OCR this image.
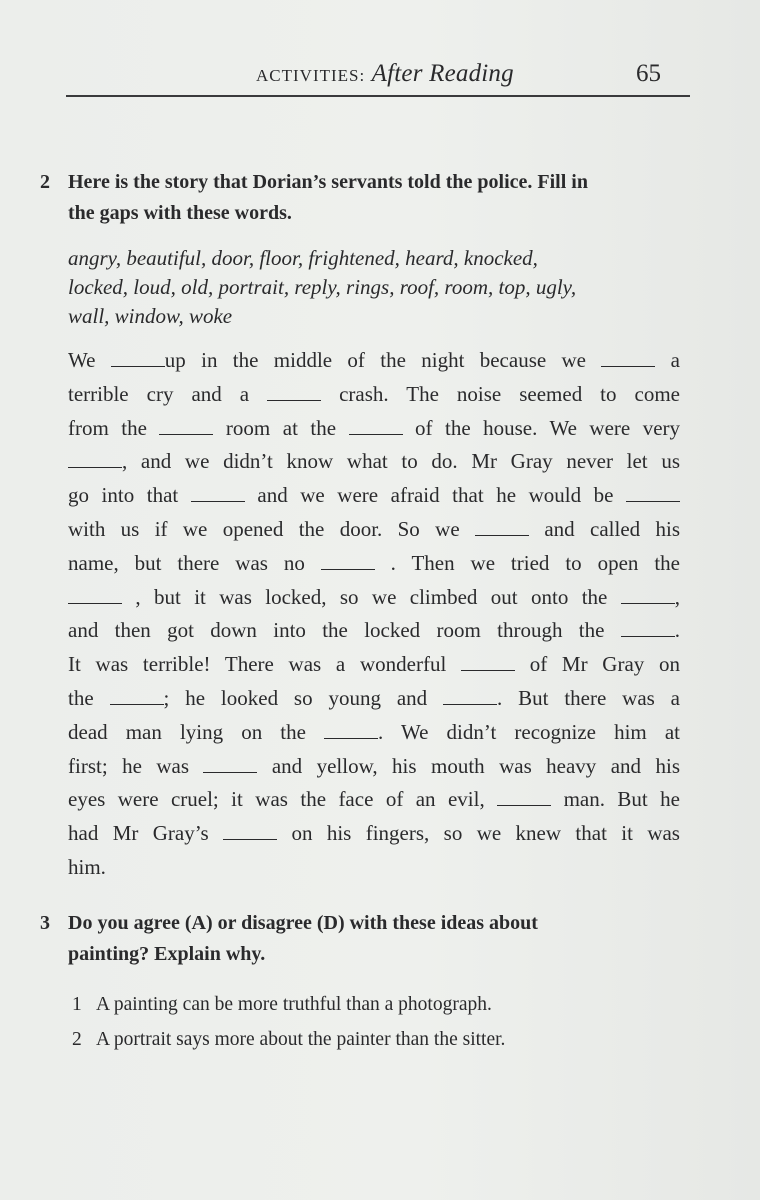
ACTIVITIES: After Reading	65
2 Here is the story that Dorian’s servants told the police. Fill in
the gaps with these words.
angry, beautiful, door, floor, frightened, heard, knocked,
locked, loud, old, portrait, reply, rings, roof, room, top, ugly,
wall, window, woke
We	up in the middle of the night because we	a
terrible cry and a	crash. The noise seemed to come
from the	room at the	of the house. We were very
, and we didn’t know what to do. Mr Gray never let us
go into that	and we were afraid that he would be
with us if we opened the door. So we	and called his
name, but there was no	. Then we tried to open the
, but it was locked, so we climbed out onto the	,
and then got down into the locked room through the	.
It was terrible! There was a wonderful	of Mr Gray on
the	; he looked so young and	. But there was a
dead man lying on the	. We didn’t recognize him at
first; he was	and yellow, his mouth was heavy and his
eyes were cruel; it was the face of an evil,	man. But he
had Mr Gray’s	on his fingers, so we knew that it was
him.
3 Do you agree (A) or disagree (D) with these ideas about
painting? Explain why.
1 A painting can be more truthful than a photograph.
2 A portrait says more about the painter than the sitter.
